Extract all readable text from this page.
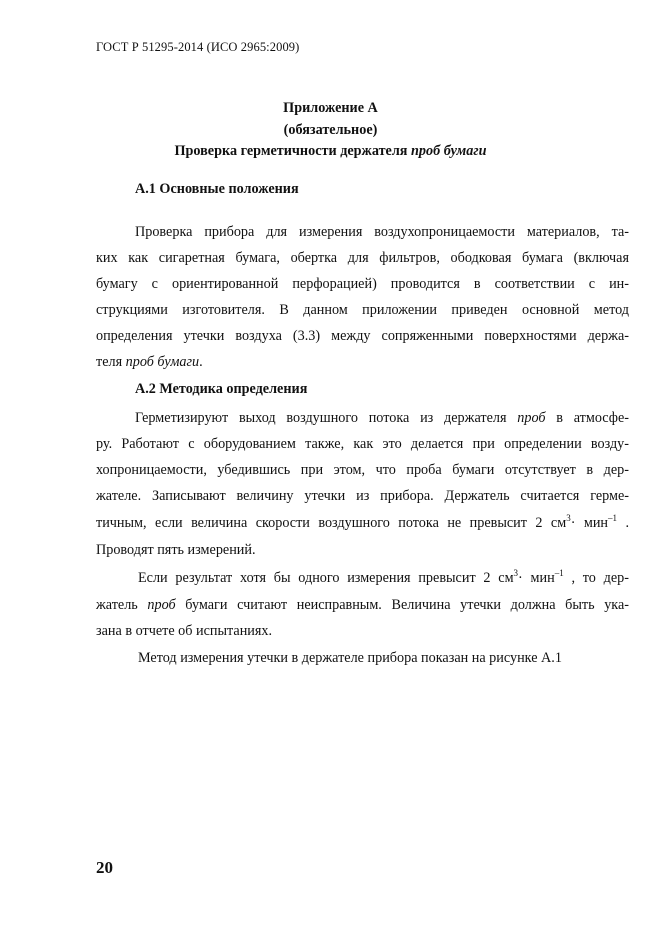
ГОСТ Р 51295-2014 (ИСО 2965:2009)
Приложение А
(обязательное)
Проверка герметичности держателя проб бумаги
А.1 Основные положения
Проверка прибора для измерения воздухопроницаемости материалов, та-
ких как сигаретная бумага, обертка для фильтров, ободковая бумага (включая
бумагу с ориентированной перфорацией) проводится в соответствии с ин-
струкциями изготовителя. В данном приложении приведен основной метод
определения утечки воздуха (3.3) между сопряженными поверхностями держа-
теля проб бумаги.
А.2 Методика определения
Герметизируют выход воздушного потока из держателя проб в атмосфе-
ру. Работают с оборудованием также, как это делается при определении возду-
хопроницаемости, убедившись при этом, что проба бумаги отсутствует в дер-
жателе. Записывают величину утечки из прибора. Держатель считается герме-
тичным, если величина скорости воздушного потока не превысит 2 $см^3\cdot мин^{-1}$ .
Проводят пять измерений.
Если результат хотя бы одного измерения превысит 2 $см^3\cdot мин^{-1}$ , то дер-
жатель проб бумаги считают неисправным. Величина утечки должна быть ука-
зана в отчете об испытаниях.
Метод измерения утечки в держателе прибора показан на рисунке А.1
20
